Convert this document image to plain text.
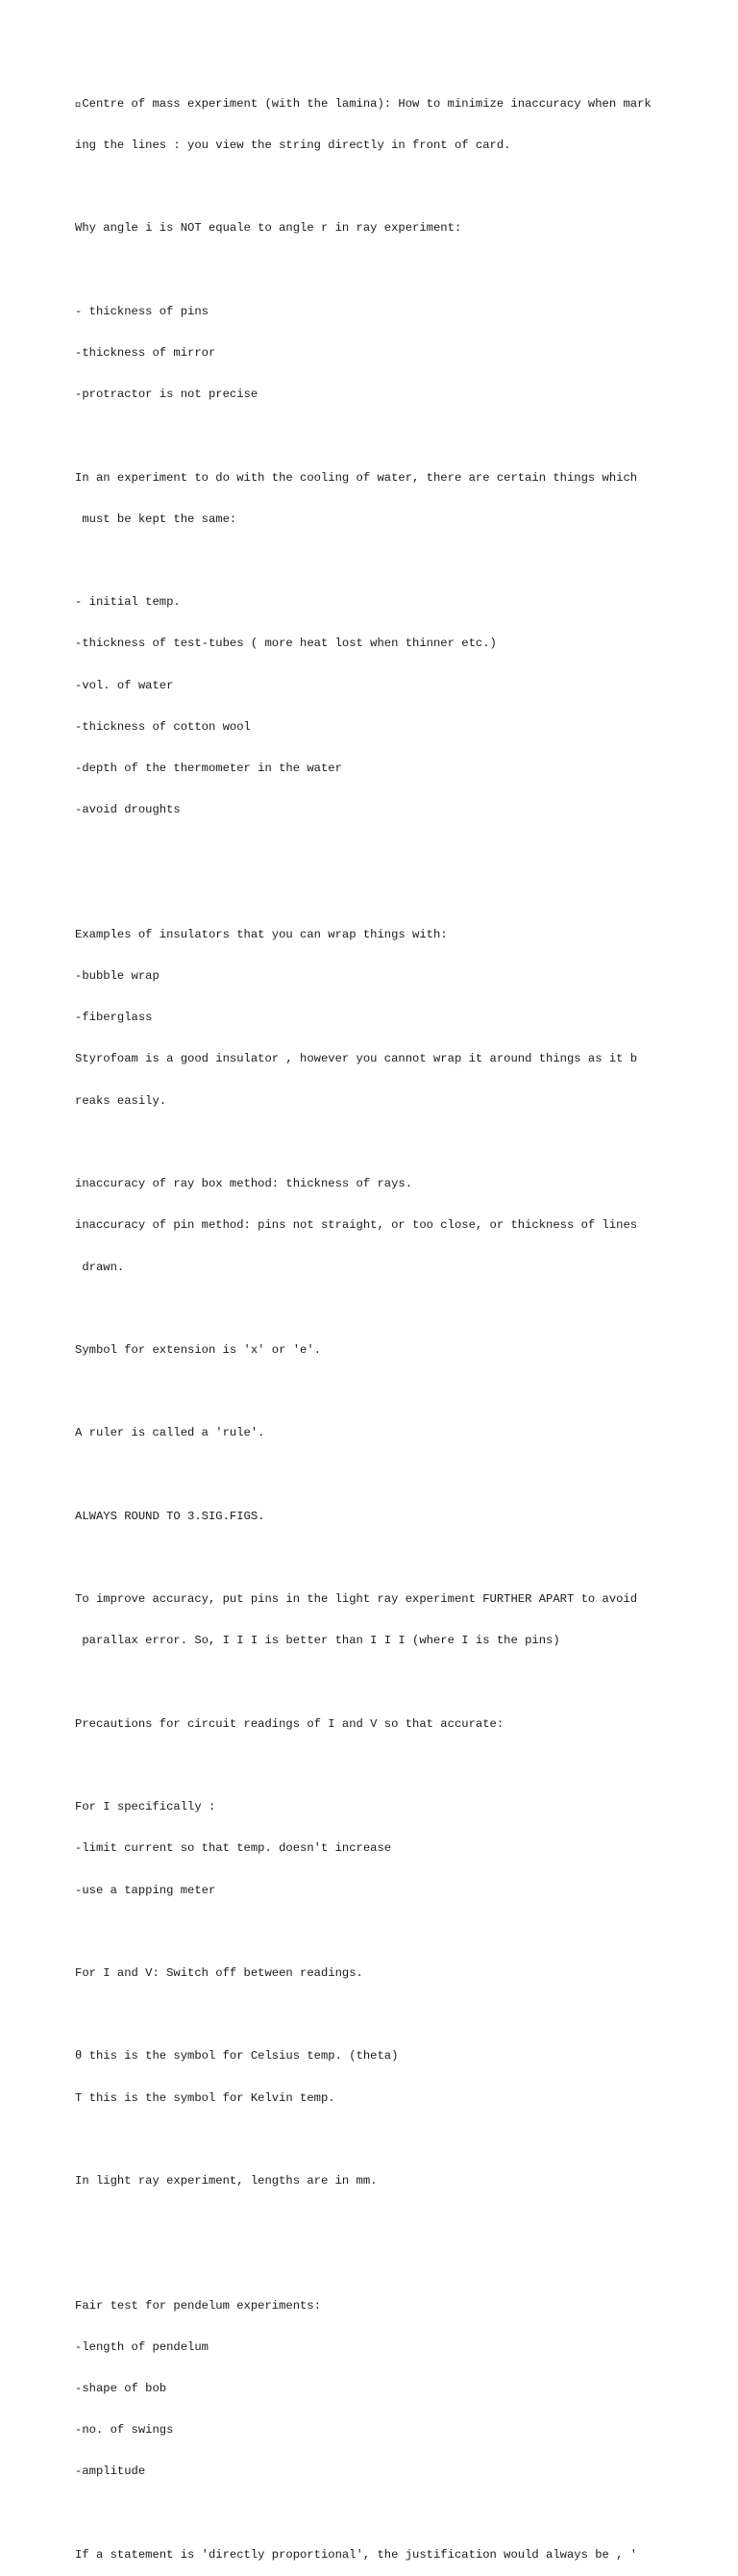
Centre of mass experiment (with the lamina): How to minimize inaccuracy when mark

ing the lines : you view the string directly in front of card.

Why angle i is NOT equale to angle r in ray experiment:

- thickness of pins

-thickness of mirror

-protractor is not precise

In an experiment to do with the cooling of water, there are certain things which

must be kept the same:

- initial temp.

-thickness of test-tubes ( more heat lost when thinner etc.)

-vol. of water

-thickness of cotton wool

-depth of the thermometer in the water

-avoid droughts

Examples of insulators that you can wrap things with:

-bubble wrap

-fiberglass

Styrofoam is a good insulator , however you cannot wrap it around things as it b

reaks easily.

inaccuracy of ray box method: thickness of rays.

inaccuracy of pin method: pins not straight, or too close, or thickness of lines

drawn.

Symbol for extension is 'x' or 'e'.

A ruler is called a 'rule'.

ALWAYS ROUND TO 3.SIG.FIGS.

To improve accuracy, put pins in the light ray experiment FURTHER APART to avoid

parallax error. So, I I I is better than I I I (where I is the pins)

Precautions for circuit readings of I and V so that accurate:

For I specifically :

-limit current so that temp. doesn't increase

-use a tapping meter

For I and V: Switch off between readings.

θ this is the symbol for Celsius temp. (theta)

T this is the symbol for Kelvin temp.

In light ray experiment, lengths are in mm.

Fair test for pendelum experiments:

-length of pendelum

-shape of bob

-no. of swings

-amplitude

If a statement is 'directly proportional', the justification would always be , '
